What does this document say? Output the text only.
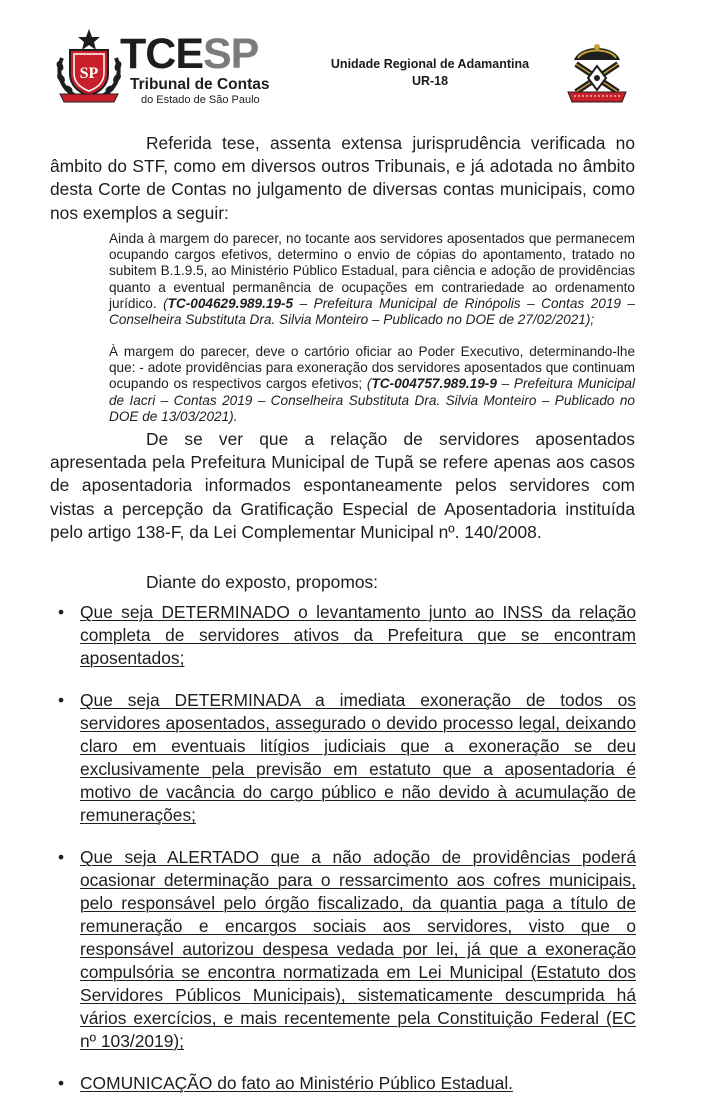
SP TCESP
Tribunal de Contas
do Estado de São Paulo
Unidade Regional de Adamantina
UR-18
Referida tese, assenta extensa jurisprudência verificada no âmbito do STF, como em diversos outros Tribunais, e já adotada no âmbito desta Corte de Contas no julgamento de diversas contas municipais, como nos exemplos a seguir:
Ainda à margem do parecer, no tocante aos servidores aposentados que permanecem ocupando cargos efetivos, determino o envio de cópias do apontamento, tratado no subitem B.1.9.5, ao Ministério Público Estadual, para ciência e adoção de providências quanto a eventual permanência de ocupações em contrariedade ao ordenamento jurídico. (TC-004629.989.19-5 – Prefeitura Municipal de Rinópolis – Contas 2019 – Conselheira Substituta Dra. Silvia Monteiro – Publicado no DOE de 27/02/2021);
À margem do parecer, deve o cartório oficiar ao Poder Executivo, determinando-lhe que: - adote providências para exoneração dos servidores aposentados que continuam ocupando os respectivos cargos efetivos; (TC-004757.989.19-9 – Prefeitura Municipal de Iacri – Contas 2019 – Conselheira Substituta Dra. Silvia Monteiro – Publicado no DOE de 13/03/2021).
De se ver que a relação de servidores aposentados apresentada pela Prefeitura Municipal de Tupã se refere apenas aos casos de aposentadoria informados espontaneamente pelos servidores com vistas a percepção da Gratificação Especial de Aposentadoria instituída pelo artigo 138-F, da Lei Complementar Municipal nº. 140/2008.
Diante do exposto, propomos:
• Que seja DETERMINADO o levantamento junto ao INSS da relação completa de servidores ativos da Prefeitura que se encontram aposentados;
• Que seja DETERMINADA a imediata exoneração de todos os servidores aposentados, assegurado o devido processo legal, deixando claro em eventuais litígios judiciais que a exoneração se deu exclusivamente pela previsão em estatuto que a aposentadoria é motivo de vacância do cargo público e não devido à acumulação de remunerações;
• Que seja ALERTADO que a não adoção de providências poderá ocasionar determinação para o ressarcimento aos cofres municipais, pelo responsável pelo órgão fiscalizado, da quantia paga a título de remuneração e encargos sociais aos servidores, visto que o responsável autorizou despesa vedada por lei, já que a exoneração compulsória se encontra normatizada em Lei Municipal (Estatuto dos Servidores Públicos Municipais), sistematicamente descumprida há vários exercícios, e mais recentemente pela Constituição Federal (EC nº 103/2019);
• COMUNICAÇÃO do fato ao Ministério Público Estadual.
